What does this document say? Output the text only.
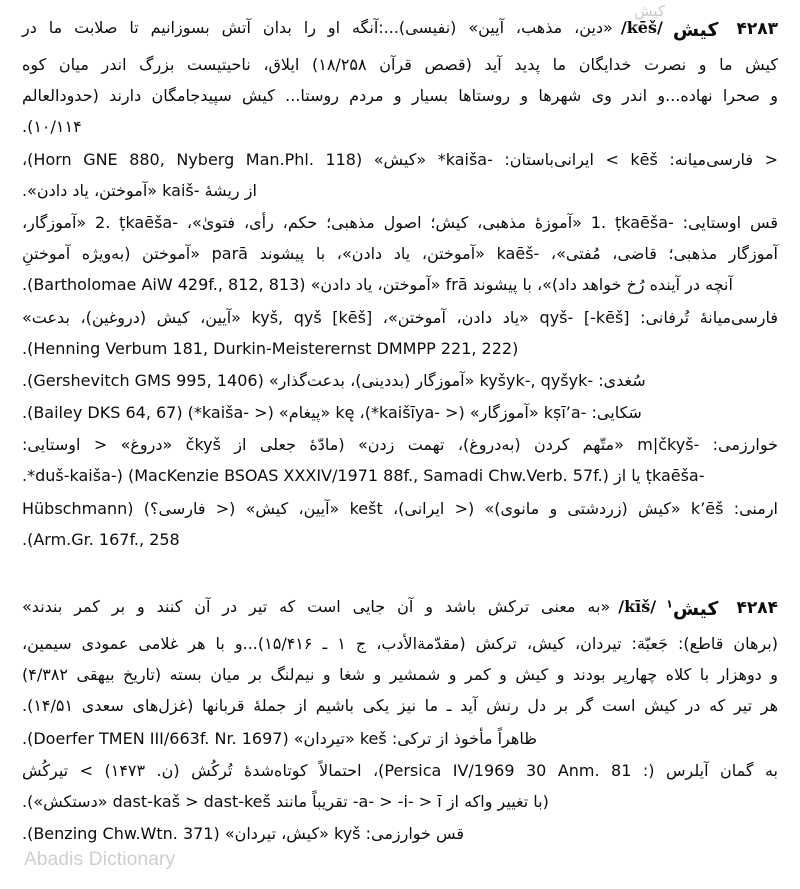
کیش
۴۲۸۳
کیش
/kēš/
«دین، مذهب، آیین» (نفیسی)...:آنگه او را بدان آتش بسوزانیم تا صلابت ما در
کیش ما و نصرت خدایگان ما پدید آید (قصص قرآن ۱۸/۲۵۸) ایلاق، ناحیتیست بزرگ اندر میان کوه
و صحرا نهاده...و اندر وی شهرها و روستاها بسیار و مردم روستا... کیش سپیدجامگان دارند (حدودالعالم
۱۰/۱۱۴).
< فارسی‌میانه: kēš > ایرانی‌باستان: ‎*kaiša-‎ «کیش» (Horn GNE 880, Nyberg Man.Phl. 118)،
از ریشۀ ‎kaiš-‎ «آموختن، یاد دادن».
قس اوستایی: ‎1. ṭkaēša-‎ «آموزۀ مذهبی، کیش؛ اصول مذهبی؛ حکم، رأی، فتویٰ»، ‎2. ṭkaēša-‎ «آموزگار،
آموزگار مذهبی؛ قاضی، مُفتی»، ‎kaēš-‎ «آموختن، یاد دادن»، با پیشوند parā «آموختن (به‌ویژه آموختنِ
آنچه در آینده رُخ خواهد داد)»، با پیشوند frā «آموختن، یاد دادن» (Bartholomae AiW 429f., 812, 813).
فارسی‌میانۀ تُرفانی: ‎qyš-‎ [‎-kēš‎] «یاد دادن، آموختن»، ‎kyš, qyš‎ [‎kēš‎] «آیین، کیش (دروغین)، بدعت»
(Henning Verbum 181, Durkin-Meisterernst DMMPP 221, 222).
سُغدی: ‎kyšyk-, qyšyk-‎ «آموزگار (بددینی)، بدعت‌گذار» (Gershevitch GMS 995, 1406).
سَکایی: ‎kṣī’a-‎ «آموزگار» (< ‎*kaišīya-‎)، kę «پیغام» (< ‎*kaiša-‎) (Bailey DKS 64, 67).
خوارزمی: ‎m|čkyš-‎ «متّهم کردن (به‌دروغ)، تهمت زدن» (مادّۀ جعلی از čkyš «دروغ» < اوستایی:
‎ṭkaēša-‎ یا از ‎*duš-kaiša-‎) (MacKenzie BSOAS XXXIV/1971 88f., Samadi Chw.Verb. 57f.).
ارمنی: ‎k’ēš‎ «کیش (زردشتی و مانوی)» (< ایرانی)، kešt «آیین، کیش» (< فارسی؟) (Hübschmann
Arm.Gr. 167f., 258).
۴۲۸۴
کیش$^۱$
/kīš/
«به معنی ترکش باشد و آن جایی است که تیر در آن کنند و بر کمر بندند»
(برهان قاطع): جَعبّة: تیردان، کیش، ترکش (مقدّمةالأدب، ج ۱ ـ ۱۵/۴۱۶)...و با هر غلامی عمودی سیمین،
و دوهزار با کلاه چهارپر بودند و کیش و کمر و شمشیر و شغا و نیم‌لنگ بر میان بسته (تاریخ بیهقی ۴/۳۸۲)
هر تیر که در کیش است گر بر دل رنش آید ـ ما نیز یکی باشیم از جملۀ قربانها (غزل‌های سعدی ۱۴/۵۱).
ظاهراً مأخوذ از ترکی: keš «تیردان» (Doerfer TMEN III/663f. Nr. 1697).
به گمان آیلرس (: Persica IV/1969 30 Anm. 81)، احتمالاً کوتاه‌شدۀ تُرکُش (ن. ۱۴۷۳) > تیرکُش
(با تغییر واکه از ‎-a- > -i- > ī‎ تقریباً مانند ‎dast-kaš > dast-keš‎ «دستکش»).
قس خوارزمی: kyš «کیش، تیردان» (Benzing Chw.Wtn. 371).
Abadis Dictionary
